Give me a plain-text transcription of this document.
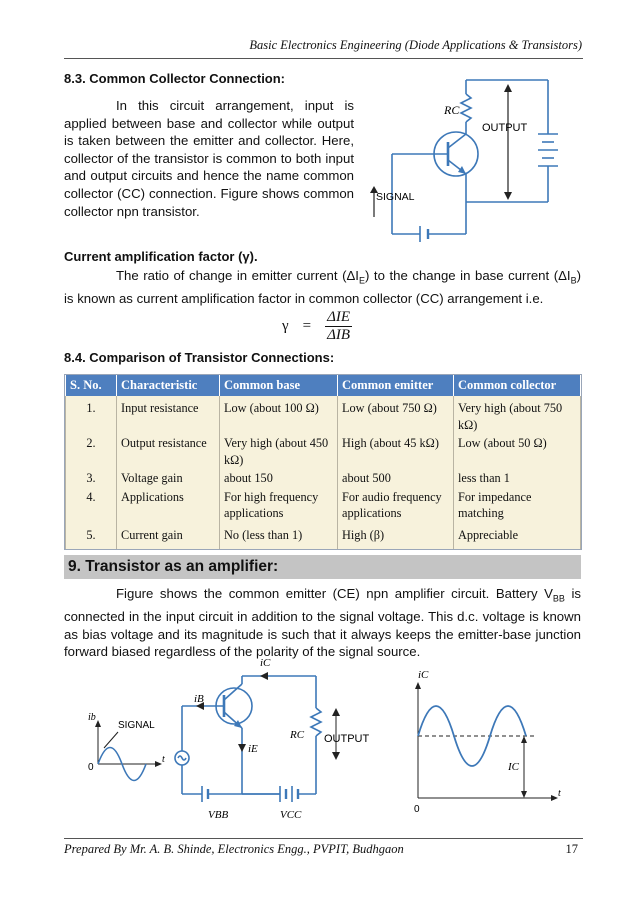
Basic Electronics Engineering (Diode Applications & Transistors)
8.3. Common Collector Connection:

In this circuit arrangement, input is applied between base and collector while output is taken between the emitter and collector. Here, collector of the transistor is common to both input and output circuits and hence the name common collector (CC) connection. Figure shows common collector npn transistor.

RC
OUTPUT
SIGNAL
Current amplification factor (γ).

The ratio of change in emitter current $(\Delta I_E)$ to the change in base current $(\Delta I_B)$ is known as current amplification factor in common collector (CC) arrangement i.e.

γ =
ΔIE
ΔIB
8.4. Comparison of Transistor Connections:
S. No.	Characteristic	Common base	Common emitter	Common collector
1.	Input resistance	Low (about 100 Ω)	Low (about 750 Ω)	Very high (about 750 kΩ)
2.	Output resistance	Very high (about 450 kΩ)	High (about 45 kΩ)	Low (about 50 Ω)
3.	Voltage gain	about 150	about 500	less than 1
4.	Applications	For high frequency applications	For audio frequency applications	For impedance matching
5.	Current gain	No (less than 1)	High (β)	Appreciable
9. Transistor as an amplifier:

Figure shows the common emitter (CE) npn amplifier circuit. Battery $V_{BB}$ is connected in the input circuit in addition to the signal voltage. This d.c. voltage is known as bias voltage and its magnitude is such that it always keeps the emitter-base junction forward biased regardless of the polarity of the signal source.

ib
0
SIGNAL
t
iB
iC
iE
RC OUTPUT
VBB	VCC
iC
IC
0
t
Prepared By Mr. A. B. Shinde, Electronics Engg., PVPIT, Budhgaon	17
